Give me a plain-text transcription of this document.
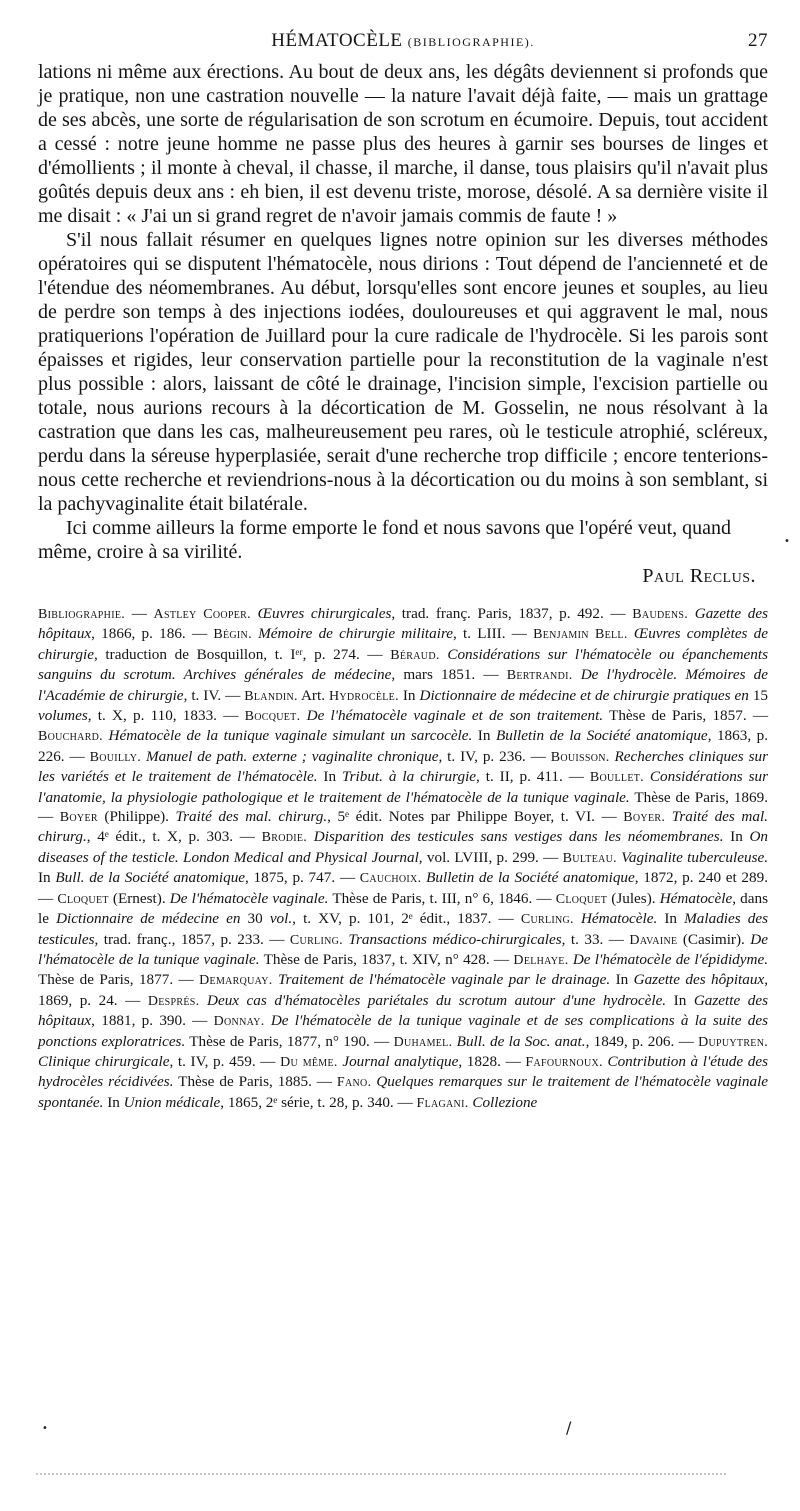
HÉMATOCÈLE (BIBLIOGRAPHIE).	27

lations ni même aux érections. Au bout de deux ans, les dégâts deviennent si profonds que je pratique, non une castration nouvelle — la nature l'avait déjà faite, — mais un grattage de ses abcès, une sorte de régularisation de son scrotum en écumoire. Depuis, tout accident a cessé : notre jeune homme ne passe plus des heures à garnir ses bourses de linges et d'émollients ; il monte à cheval, il chasse, il marche, il danse, tous plaisirs qu'il n'avait plus goûtés depuis deux ans : eh bien, il est devenu triste, morose, désolé. A sa dernière visite il me disait : « J'ai un si grand regret de n'avoir jamais commis de faute ! »

S'il nous fallait résumer en quelques lignes notre opinion sur les diverses méthodes opératoires qui se disputent l'hématocèle, nous dirions : Tout dépend de l'ancienneté et de l'étendue des néomembranes. Au début, lorsqu'elles sont encore jeunes et souples, au lieu de perdre son temps à des injections iodées, douloureuses et qui aggravent le mal, nous pratiquerions l'opération de Juillard pour la cure radicale de l'hydrocèle. Si les parois sont épaisses et rigides, leur conservation partielle pour la reconstitution de la vaginale n'est plus possible : alors, laissant de côté le drainage, l'incision simple, l'excision partielle ou totale, nous aurions recours à la décortication de M. Gosselin, ne nous résolvant à la castration que dans les cas, malheureusement peu rares, où le testicule atrophié, scléreux, perdu dans la séreuse hyperplasiée, serait d'une recherche trop difficile ; encore tenterions-nous cette recherche et reviendrions-nous à la décortication ou du moins à son semblant, si la pachyvaginalite était bilatérale.

Ici comme ailleurs la forme emporte le fond et nous savons que l'opéré veut, quand même, croire à sa virilité.

Paul Reclus.
Bibliographie. — Astley Cooper. Œuvres chirurgicales, trad. franç. Paris, 1837, p. 492. — Baudens. Gazette des hôpitaux, 1866, p. 186. — Bégin. Mémoire de chirurgie militaire, t. LIII. — Benjamin Bell. Œuvres complètes de chirurgie, traduction de Bosquillon, t. Iᵉʳ, p. 274. — Béraud. Considérations sur l'hématocèle ou épanchements sanguins du scrotum. Archives générales de médecine, mars 1851. — Bertrandi. De l'hydrocèle. Mémoires de l'Académie de chirurgie, t. IV. — Blandin. Art. Hydrocèle. In Dictionnaire de médecine et de chirurgie pratiques en 15 volumes, t. X, p. 110, 1833. — Bocquet. De l'hématocèle vaginale et de son traitement. Thèse de Paris, 1857. — Bouchard. Hématocèle de la tunique vaginale simulant un sarcocèle. In Bulletin de la Société anatomique, 1863, p. 226. — Bouilly. Manuel de path. externe ; vaginalite chronique, t. IV, p. 236. — Bouisson. Recherches cliniques sur les variétés et le traitement de l'hématocèle. In Tribut. à la chirurgie, t. II, p. 411. — Boullet. Considérations sur l'anatomie, la physiologie pathologique et le traitement de l'hématocèle de la tunique vaginale. Thèse de Paris, 1869. — Boyer (Philippe). Traité des mal. chirurg., 5ᵉ édit. Notes par Philippe Boyer, t. VI. — Boyer. Traité des mal. chirurg., 4ᵉ édit., t. X, p. 303. — Brodie. Disparition des testicules sans vestiges dans les néomembranes. In On diseases of the testicle. London Medical and Physical Journal, vol. LVIII, p. 299. — Bulteau. Vaginalite tuberculeuse. In Bull. de la Société anatomique, 1875, p. 747. — Cauchoix. Bulletin de la Société anatomique, 1872, p. 240 et 289. — Cloquet (Ernest). De l'hématocèle vaginale. Thèse de Paris, t. III, n° 6, 1846. — Cloquet (Jules). Hématocèle, dans le Dictionnaire de médecine en 30 vol., t. XV, p. 101, 2ᵉ édit., 1837. — Curling. Hématocèle. In Maladies des testicules, trad. franç., 1857, p. 233. — Curling. Transactions médico-chirurgicales, t. 33. — Davaine (Casimir). De l'hématocèle de la tunique vaginale. Thèse de Paris, 1837, t. XIV, n° 428. — Delhaye. De l'hématocèle de l'épididyme. Thèse de Paris, 1877. — Demarquay. Traitement de l'hématocèle vaginale par le drainage. In Gazette des hôpitaux, 1869, p. 24. — Després. Deux cas d'hématocèles pariétales du scrotum autour d'une hydrocèle. In Gazette des hôpitaux, 1881, p. 390. — Donnay. De l'hématocèle de la tunique vaginale et de ses complications à la suite des ponctions exploratrices. Thèse de Paris, 1877, n° 190. — Duhamel. Bull. de la Soc. anat., 1849, p. 206. — Dupuytren. Clinique chirurgicale, t. IV, p. 459. — Du même. Journal analytique, 1828. — Fafournoux. Contribution à l'étude des hydrocèles récidivées. Thèse de Paris, 1885. — Fano. Quelques remarques sur le traitement de l'hématocèle vaginale spontanée. In Union médicale, 1865, 2ᵉ série, t. 28, p. 340. — Flagani. Collezione
•	/
•
